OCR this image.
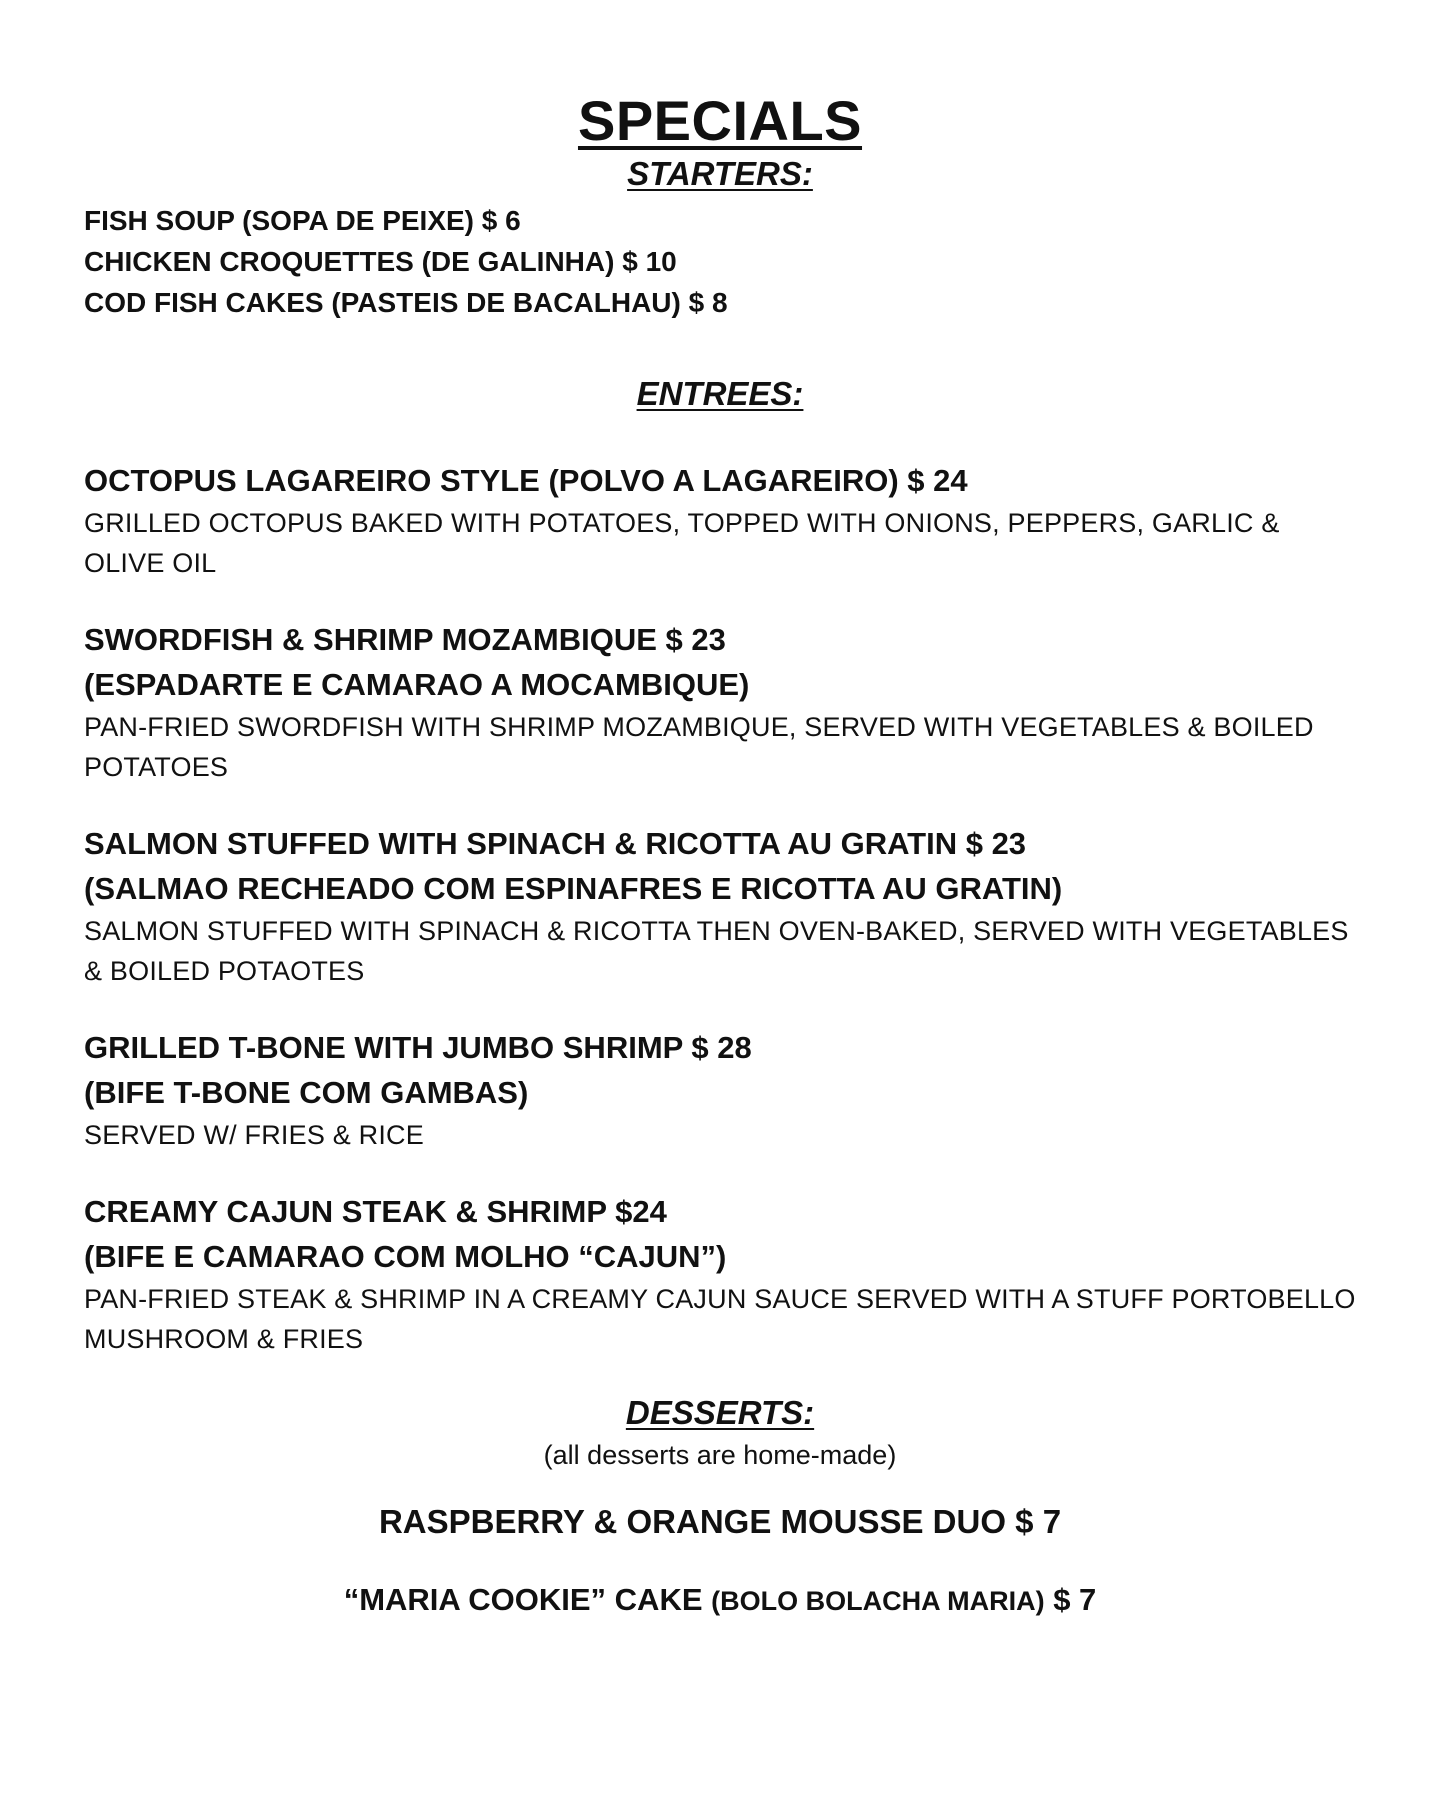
SPECIALS
STARTERS:
FISH SOUP (SOPA DE PEIXE) $ 6
CHICKEN CROQUETTES (DE GALINHA) $ 10
COD FISH CAKES (PASTEIS DE BACALHAU) $ 8
ENTREES:

OCTOPUS LAGAREIRO STYLE (POLVO A LAGAREIRO) $ 24

GRILLED OCTOPUS BAKED WITH POTATOES, TOPPED WITH ONIONS, PEPPERS, GARLIC & OLIVE OIL

SWORDFISH & SHRIMP MOZAMBIQUE $ 23

(ESPADARTE E CAMARAO A MOCAMBIQUE)

PAN-FRIED SWORDFISH WITH SHRIMP MOZAMBIQUE, SERVED WITH VEGETABLES & BOILED POTATOES

SALMON STUFFED WITH SPINACH & RICOTTA AU GRATIN $ 23

(SALMAO RECHEADO COM ESPINAFRES E RICOTTA AU GRATIN)

SALMON STUFFED WITH SPINACH & RICOTTA THEN OVEN-BAKED, SERVED WITH VEGETABLES & BOILED POTAOTES

GRILLED T-BONE WITH JUMBO SHRIMP $ 28

(BIFE T-BONE COM GAMBAS)

SERVED W/ FRIES & RICE

CREAMY CAJUN STEAK & SHRIMP $24

(BIFE E CAMARAO COM MOLHO “CAJUN”)

PAN-FRIED STEAK & SHRIMP IN A CREAMY CAJUN SAUCE SERVED WITH A STUFF PORTOBELLO MUSHROOM & FRIES

DESSERTS:

(all desserts are home-made)

RASPBERRY & ORANGE MOUSSE DUO $ 7

“MARIA COOKIE” CAKE (BOLO BOLACHA MARIA) $ 7
